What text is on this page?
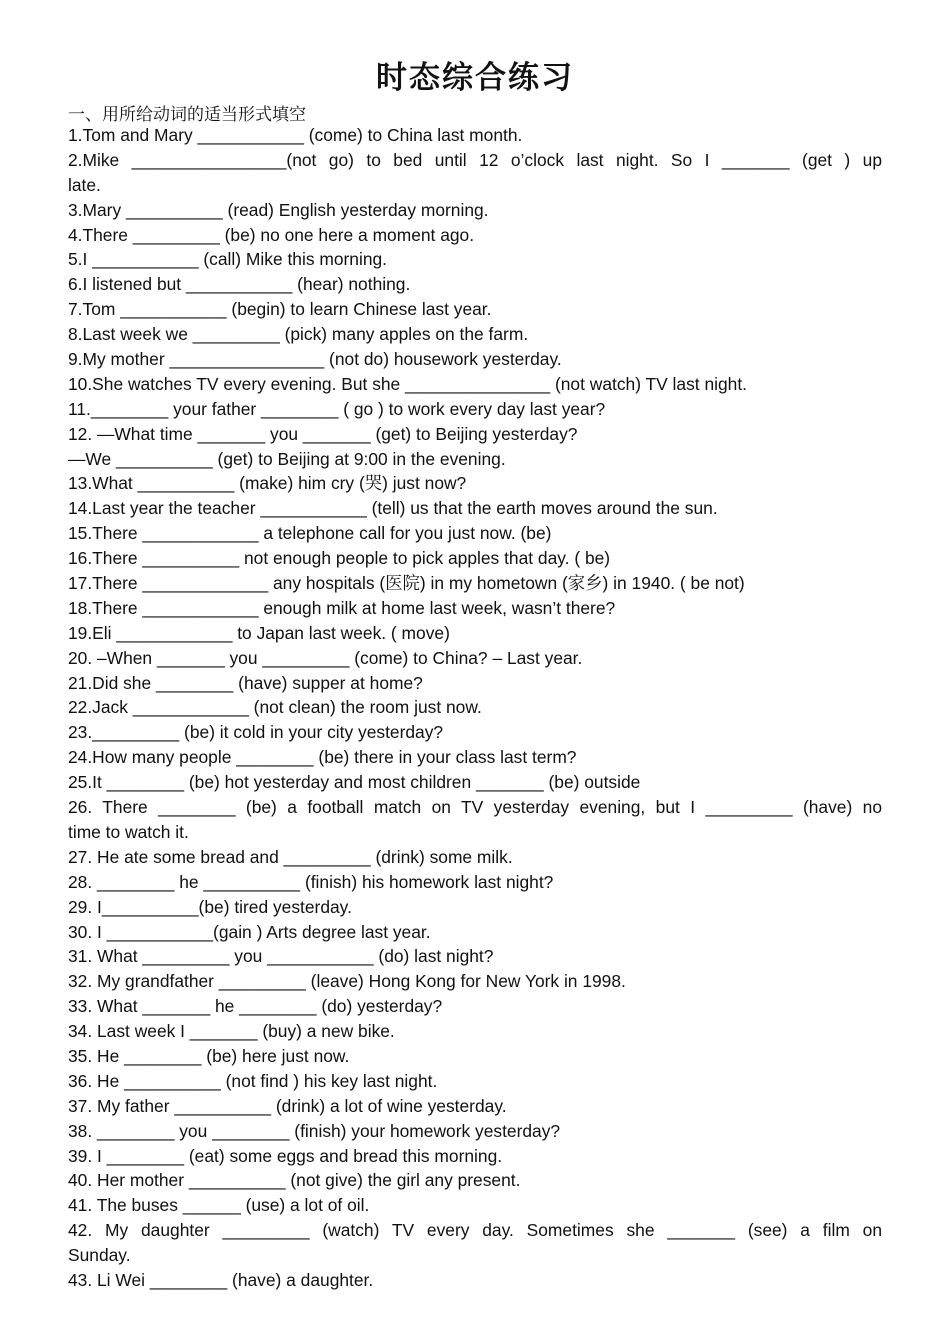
时态综合练习
一、用所给动词的适当形式填空
1.Tom and Mary ___________ (come) to China last month.
2.Mike ________________(not go) to bed until 12 o’clock last night. So I _______ (get ) up
late.
3.Mary __________ (read) English yesterday morning.
4.There _________ (be) no one here a moment ago.
5.I ___________ (call) Mike this morning.
6.I listened but ___________ (hear) nothing.
7.Tom ___________ (begin) to learn Chinese last year.
8.Last week we _________ (pick) many apples on the farm.
9.My mother ________________ (not do) housework yesterday.
10.She watches TV every evening. But she _______________ (not watch) TV last night.
11.________ your father ________ ( go ) to work every day last year?
12. —What time _______ you _______ (get) to Beijing yesterday?
—We __________ (get) to Beijing at 9:00 in the evening.
13.What __________ (make) him cry (哭) just now?
14.Last year the teacher ___________ (tell) us that the earth moves around the sun.
15.There ____________ a telephone call for you just now. (be)
16.There __________ not enough people to pick apples that day. ( be)
17.There _____________ any hospitals (医院) in my hometown (家乡) in 1940. ( be not)
18.There ____________ enough milk at home last week, wasn’t there?
19.Eli ____________ to Japan last week. ( move)
20. –When _______ you _________ (come) to China? – Last year.
21.Did she ________ (have) supper at home?
22.Jack ____________ (not clean) the room just now.
23._________ (be) it cold in your city yesterday?
24.How many people ________ (be) there in your class last term?
25.It ________ (be) hot yesterday and most children _______ (be) outside
26. There ________ (be) a football match on TV yesterday evening, but I _________ (have) no
time to watch it.
27. He ate some bread and _________ (drink) some milk.
28. ________ he __________ (finish) his homework last night?
29. I__________(be) tired yesterday.
30. I ___________(gain ) Arts degree last year.
31. What _________ you ___________ (do) last night?
32. My grandfather _________ (leave) Hong Kong for New York in 1998.
33. What _______ he ________ (do) yesterday?
34. Last week I _______ (buy) a new bike.
35. He ________ (be) here just now.
36. He __________ (not find ) his key last night.
37. My father __________ (drink) a lot of wine yesterday.
38. ________ you ________ (finish) your homework yesterday?
39. I ________ (eat) some eggs and bread this morning.
40. Her mother __________ (not give) the girl any present.
41. The buses ______ (use) a lot of oil.
42. My daughter _________ (watch) TV every day. Sometimes she _______ (see) a film on
Sunday.
43. Li Wei ________ (have) a daughter.
